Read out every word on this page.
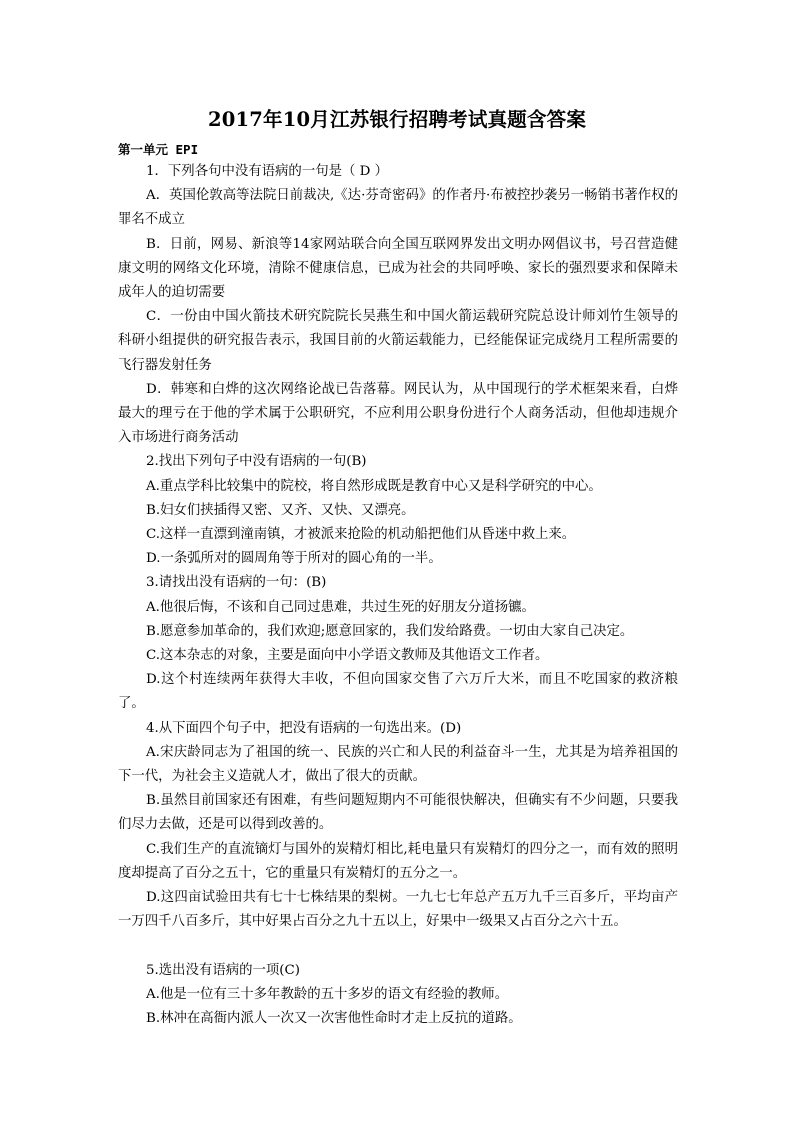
2017年10月江苏银行招聘考试真题含答案
第一单元 EPI

1．下列各句中没有语病的一句是（ D ）

A．英国伦敦高等法院日前裁决,《达·芬奇密码》的作者丹·布被控抄袭另一畅销书著作权的罪名不成立

B．日前，网易、新浪等14家网站联合向全国互联网界发出文明办网倡议书，号召营造健康文明的网络文化环境，清除不健康信息，已成为社会的共同呼唤、家长的强烈要求和保障未成年人的迫切需要

C．一份由中国火箭技术研究院院长吴燕生和中国火箭运载研究院总设计师刘竹生领导的科研小组提供的研究报告表示，我国目前的火箭运载能力，已经能保证完成绕月工程所需要的飞行器发射任务

D．韩寒和白烨的这次网络论战已告落幕。网民认为，从中国现行的学术框架来看，白烨最大的理亏在于他的学术属于公职研究，不应利用公职身份进行个人商务活动，但他却违规介入市场进行商务活动

2.找出下列句子中没有语病的一句(B)

A.重点学科比较集中的院校，将自然形成既是教育中心又是科学研究的中心。

B.妇女们挟插得又密、又齐、又快、又漂亮。

C.这样一直漂到潼南镇，才被派来抢险的机动船把他们从昏迷中救上来。

D.一条弧所对的圆周角等于所对的圆心角的一半。

3.请找出没有语病的一句：(B)

A.他很后悔，不该和自己同过患难，共过生死的好朋友分道扬镳。

B.愿意参加革命的，我们欢迎;愿意回家的，我们发给路费。一切由大家自己决定。

C.这本杂志的对象，主要是面向中小学语文教师及其他语文工作者。

D.这个村连续两年获得大丰收，不但向国家交售了六万斤大米，而且不吃国家的救济粮了。

4.从下面四个句子中，把没有语病的一句选出来。(D)

A.宋庆龄同志为了祖国的统一、民族的兴亡和人民的利益奋斗一生，尤其是为培养祖国的下一代，为社会主义造就人才，做出了很大的贡献。

B.虽然目前国家还有困难，有些问题短期内不可能很快解决，但确实有不少问题，只要我们尽力去做，还是可以得到改善的。

C.我们生产的直流镝灯与国外的炭精灯相比,耗电量只有炭精灯的四分之一，而有效的照明度却提高了百分之五十，它的重量只有炭精灯的五分之一。

D.这四亩试验田共有七十七株结果的梨树。一九七七年总产五万九千三百多斤，平均亩产一万四千八百多斤，其中好果占百分之九十五以上，好果中一级果又占百分之六十五。

5.选出没有语病的一项(C)

A.他是一位有三十多年教龄的五十多岁的语文有经验的教师。

B.林冲在高衙内派人一次又一次害他性命时才走上反抗的道路。
